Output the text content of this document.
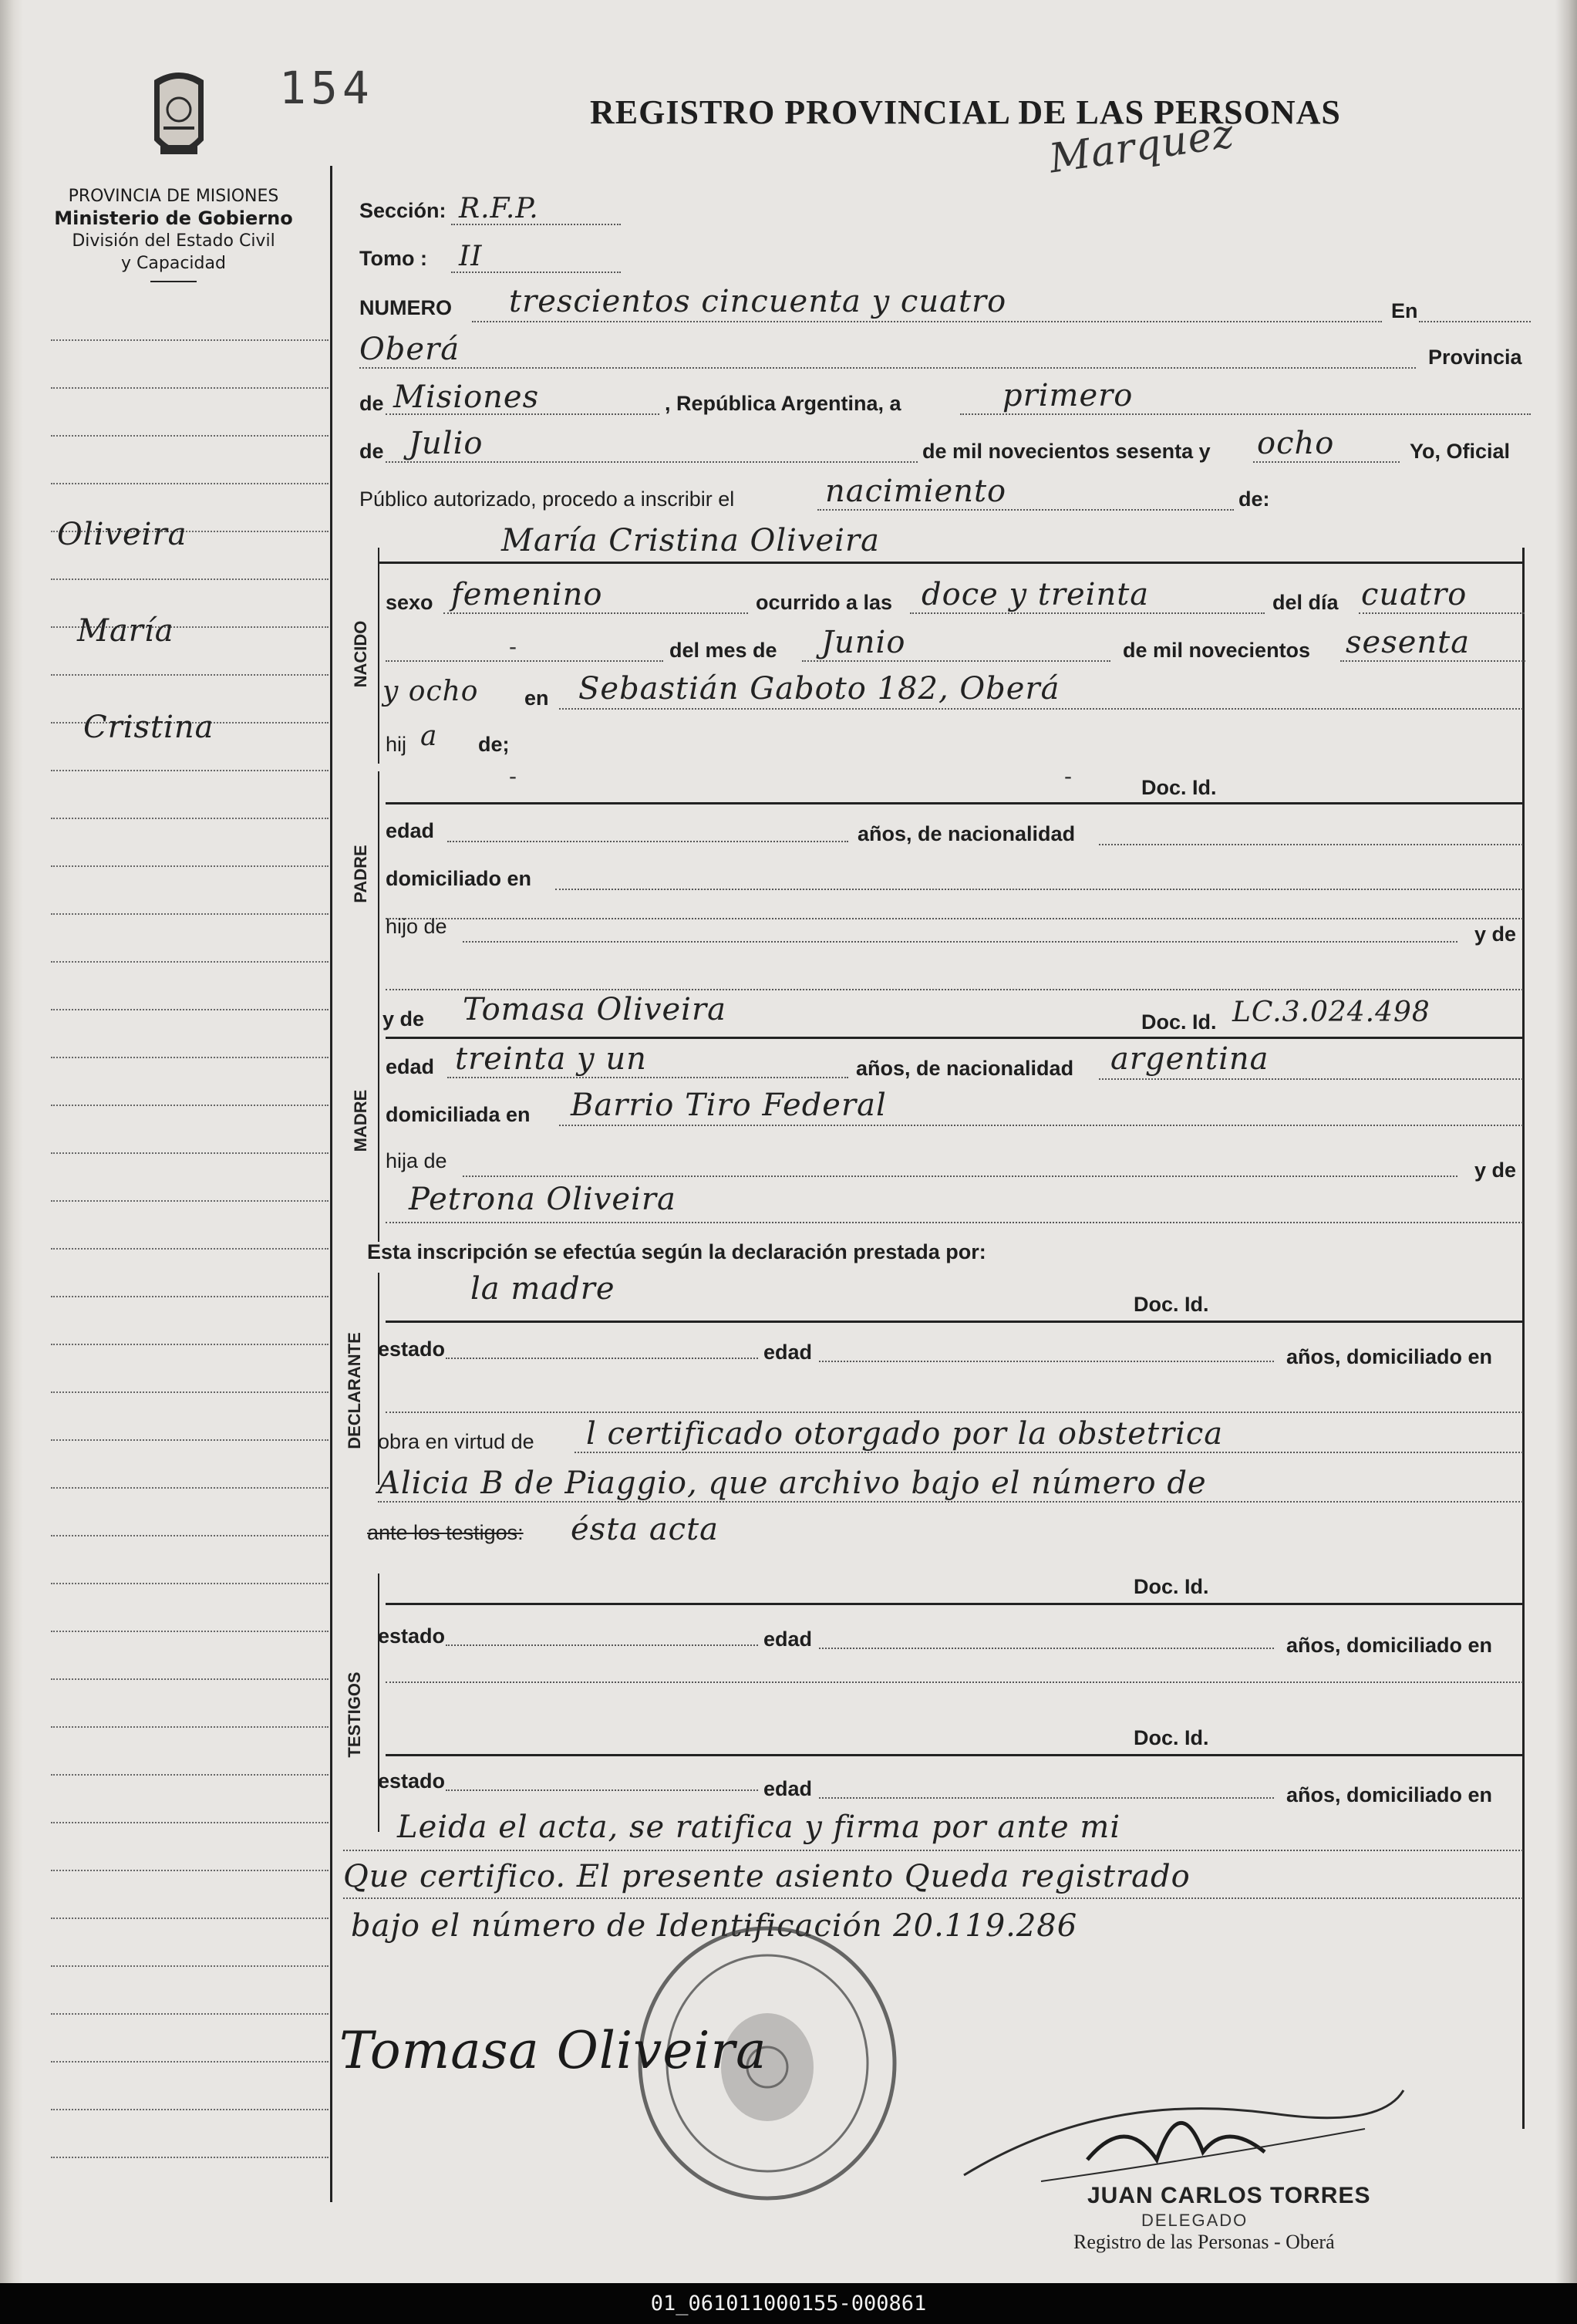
154	REGISTRO PROVINCIAL DE LAS PERSONAS
Marquez
PROVINCIA DE MISIONES
Ministerio de Gobierno
División del Estado Civil
y Capacidad
Oliveira
María
Cristina
Sección: R.F.P.
Tomo : II
NUMERO trescientos cincuenta y cuatro	En
Oberá	Provincia
de Misiones	, República Argentina, a	primero
de Julio	de mil novecientos sesenta y ocho	Yo, Oficial
Público autorizado, procedo a inscribir el	nacimiento	de:
María Cristina Oliveira
NACIDO
sexo femenino	ocurrido a las doce y treinta	del día cuatro
-	del mes de Junio	de mil novecientos sesenta
y ocho en Sebastián Gaboto 182, Oberá
hij a de;
PADRE
-	-	Doc. Id.
edad	años, de nacionalidad
domiciliado en
hijo de	y de
MADRE
y de Tomasa Oliveira	Doc. Id. LC.3.024.498
edad treinta y un	años, de nacionalidad argentina
domiciliada en Barrio Tiro Federal
hija de	y de
Petrona Oliveira
Esta inscripción se efectúa según la declaración prestada por:
DECLARANTE
la madre	Doc. Id.
estado	edad	años, domiciliado en
obra en virtud de l certificado otorgado por la obstetrica
Alicia B de Piaggio, que archivo bajo el número de
ante los testigos: ésta acta
TESTIGOS
Doc. Id.
estado	edad	años, domiciliado en
Doc. Id.
estado	edad	años, domiciliado en
Leida el acta, se ratifica y firma por ante mi
Que certifico. El presente asiento Queda registrado
bajo el número de Identificación 20.119.286
Tomasa Oliveira
JUAN CARLOS TORRES
DELEGADO
Registro de las Personas - Oberá
01_061011000155-000861
